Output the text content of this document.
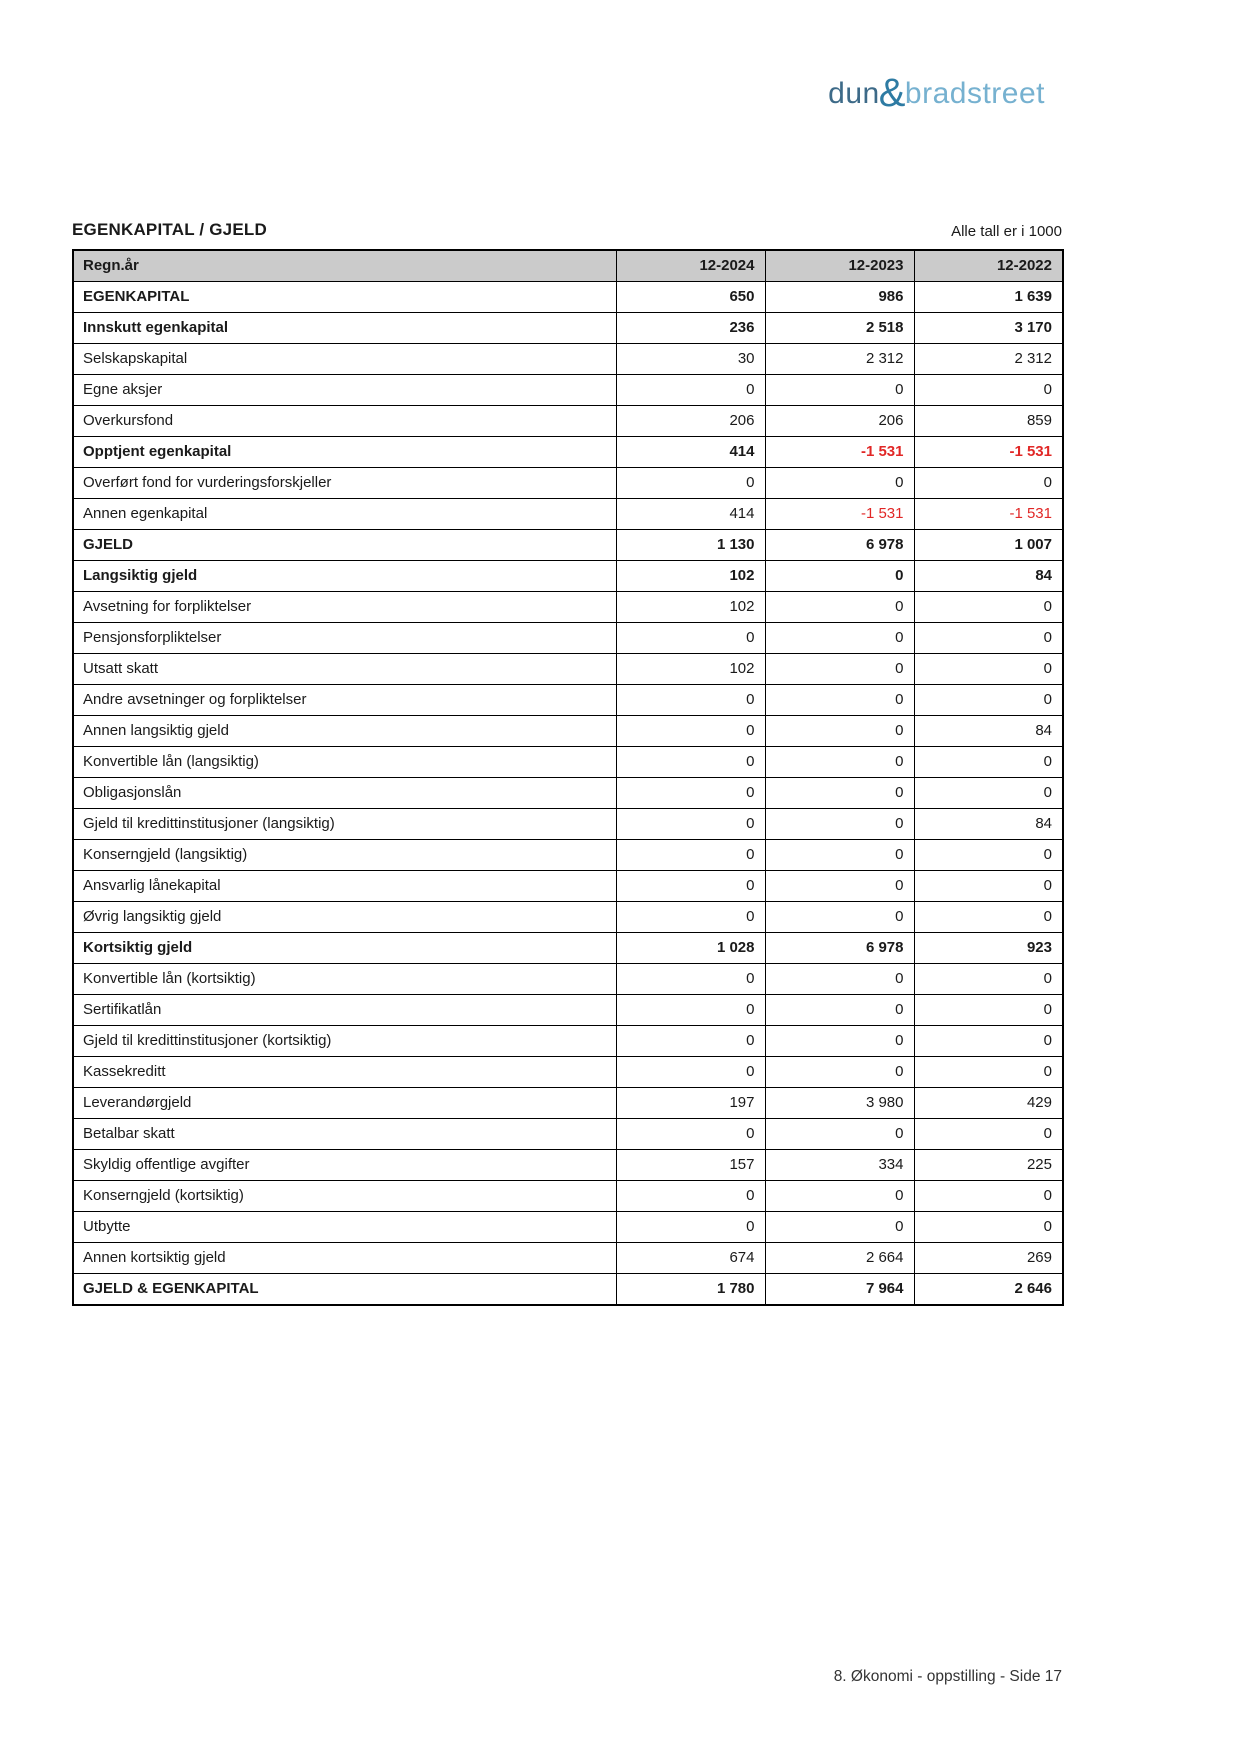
dun&bradstreet
EGENKAPITAL / GJELD	Alle tall er i 1000
Regn.år	12-2024	12-2023	12-2022
EGENKAPITAL	650	986	1 639
Innskutt egenkapital	236	2 518	3 170
Selskapskapital	30	2 312	2 312
Egne aksjer	0	0	0
Overkursfond	206	206	859
Opptjent egenkapital	414	-1 531	-1 531
Overført fond for vurderingsforskjeller	0	0	0
Annen egenkapital	414	-1 531	-1 531
GJELD	1 130	6 978	1 007
Langsiktig gjeld	102	0	84
Avsetning for forpliktelser	102	0	0
Pensjonsforpliktelser	0	0	0
Utsatt skatt	102	0	0
Andre avsetninger og forpliktelser	0	0	0
Annen langsiktig gjeld	0	0	84
Konvertible lån (langsiktig)	0	0	0
Obligasjonslån	0	0	0
Gjeld til kredittinstitusjoner (langsiktig)	0	0	84
Konserngjeld (langsiktig)	0	0	0
Ansvarlig lånekapital	0	0	0
Øvrig langsiktig gjeld	0	0	0
Kortsiktig gjeld	1 028	6 978	923
Konvertible lån (kortsiktig)	0	0	0
Sertifikatlån	0	0	0
Gjeld til kredittinstitusjoner (kortsiktig)	0	0	0
Kassekreditt	0	0	0
Leverandørgjeld	197	3 980	429
Betalbar skatt	0	0	0
Skyldig offentlige avgifter	157	334	225
Konserngjeld (kortsiktig)	0	0	0
Utbytte	0	0	0
Annen kortsiktig gjeld	674	2 664	269
GJELD & EGENKAPITAL	1 780	7 964	2 646
8. Økonomi - oppstilling - Side 17
